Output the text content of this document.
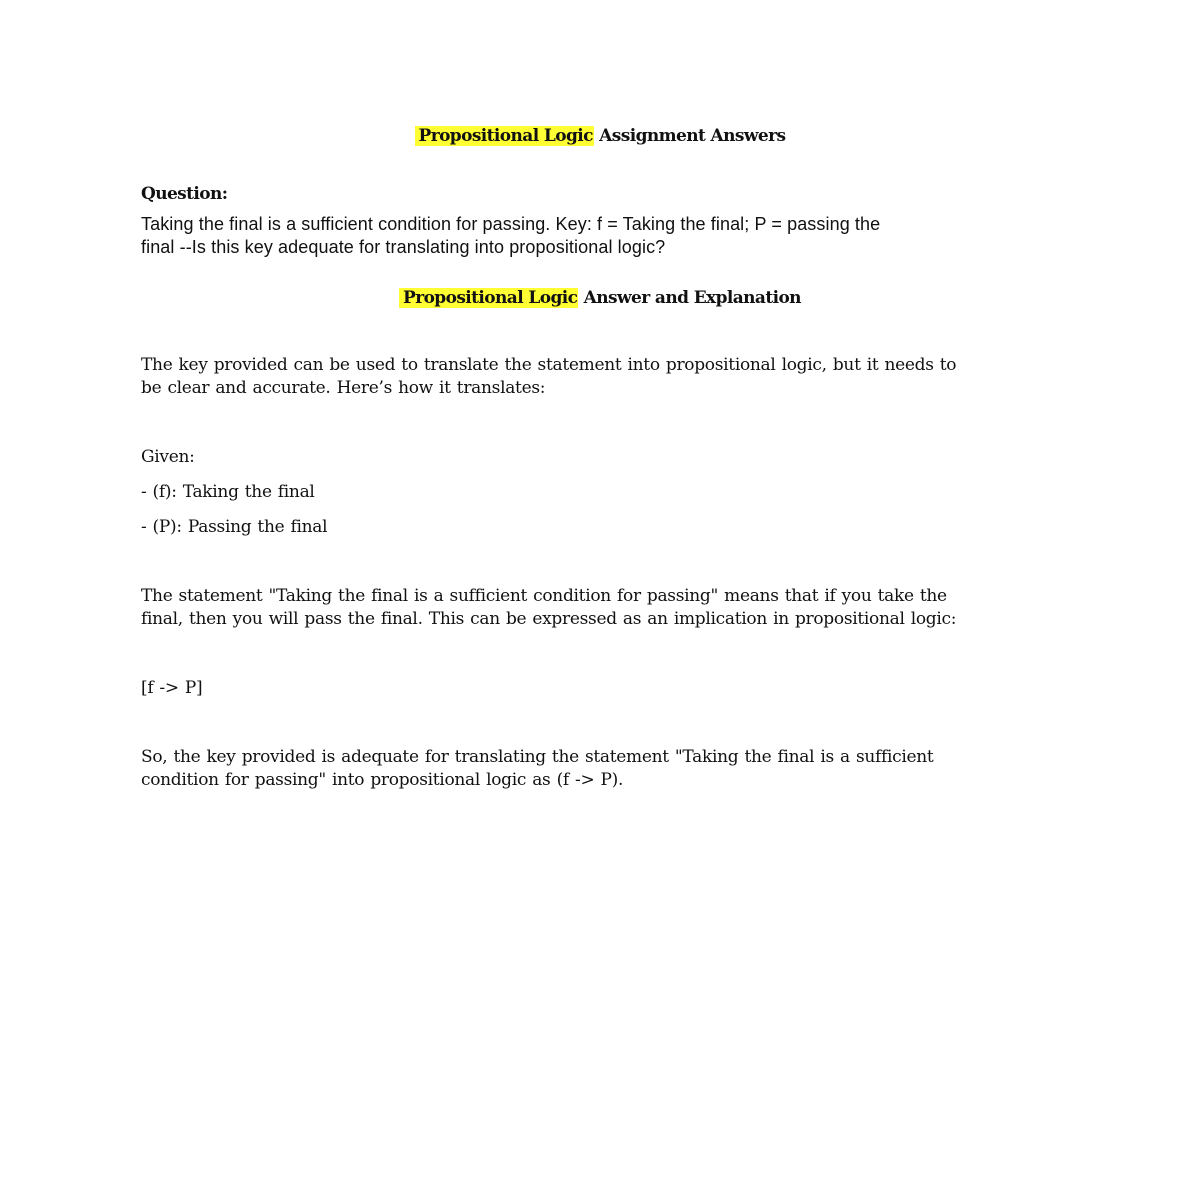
Propositional Logic Assignment Answers

Question:

Taking the final is a sufficient condition for passing. Key: f = Taking the final; P = passing the
final --Is this key adequate for translating into propositional logic?

Propositional Logic Answer and Explanation

The key provided can be used to translate the statement into propositional logic, but it needs to
be clear and accurate. Here’s how it translates:

Given:

- (f): Taking the final

- (P): Passing the final

The statement "Taking the final is a sufficient condition for passing" means that if you take the
final, then you will pass the final. This can be expressed as an implication in propositional logic:

[f -> P]

So, the key provided is adequate for translating the statement "Taking the final is a sufficient
condition for passing" into propositional logic as (f -> P).
